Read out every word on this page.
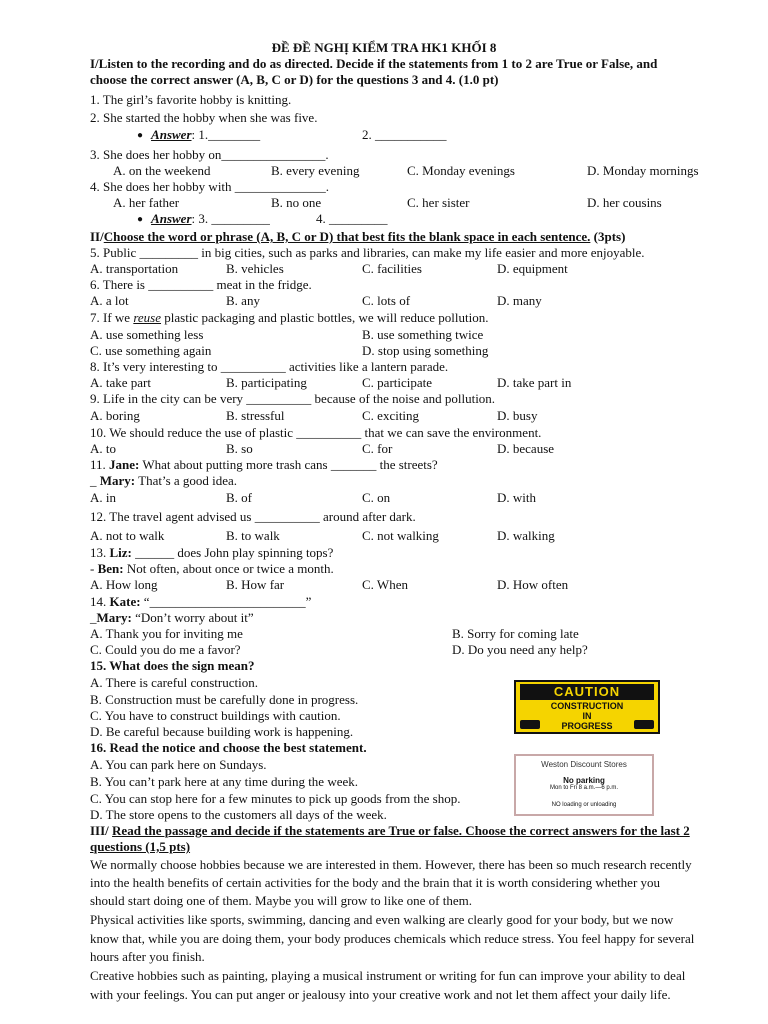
ĐỀ ĐỀ NGHỊ KIỂM TRA HK1 KHỐI 8
I/Listen to the recording and do as directed. Decide if the statements from 1 to 2 are True or False, and
choose the correct answer (A, B, C or D) for the questions 3 and 4. (1.0 pt)
1. The girl’s favorite hobby is knitting.
2. She started the hobby when she was five.
● Answer: 1.________	2. ___________
3. She does her hobby on________________.
A. on the weekend	B. every evening	C. Monday evenings	D. Monday mornings
4. She does her hobby with ______________.
A. her father	B. no one	C. her sister	D. her cousins
● Answer: 3. _________	4. _________
II/Choose the word or phrase (A, B, C or D) that best fits the blank space in each sentence. (3pts)
5. Public _________ in big cities, such as parks and libraries, can make my life easier and more enjoyable.
A. transportation	B. vehicles	C. facilities	D. equipment
6. There is __________ meat in the fridge.
A. a lot	B. any	C. lots of	D. many
7. If we reuse plastic packaging and plastic bottles, we will reduce pollution.
A. use something less	B. use something twice
C. use something again	D. stop using something
8. It’s very interesting to __________ activities like a lantern parade.
A. take part	B. participating	C. participate	D. take part in
9. Life in the city can be very __________ because of the noise and pollution.
A. boring	B. stressful	C. exciting	D. busy
10. We should reduce the use of plastic __________ that we can save the environment.
A. to	B. so	C. for	D. because
11. Jane: What about putting more trash cans _______ the streets?
_ Mary: That’s a good idea.
A. in	B. of	C. on	D. with
12. The travel agent advised us __________ around after dark.
A. not to walk	B. to walk	C. not walking	D. walking
13. Liz: ______ does John play spinning tops?
- Ben: Not often, about once or twice a month.
A. How long	B. How far	C. When	D. How often
14. Kate: “________________________”
_Mary: “Don’t worry about it”
A. Thank you for inviting me	B. Sorry for coming late
C. Could you do me a favor?	D. Do you need any help?
15. What does the sign mean?
A. There is careful construction.
B. Construction must be carefully done in progress.
C. You have to construct buildings with caution.
D. Be careful because building work is happening.
CAUTION
CONSTRUCTION
IN
PROGRESS
16. Read the notice and choose the best statement.
A. You can park here on Sundays.
B. You can’t park here at any time during the week.
C. You can stop here for a few minutes to pick up goods from the shop.
D. The store opens to the customers all days of the week.
Weston Discount Stores
No parking
Mon to Fri 8 a.m.—6 p.m.
NO loading or unloading
III/ Read the passage and decide if the statements are True or false. Choose the correct answers for the last 2
questions (1,5 pts)
We normally choose hobbies because we are interested in them. However, there has been so much research recently
into the health benefits of certain activities for the body and the brain that it is worth considering whether you
should start doing one of them. Maybe you will grow to like one of them.
Physical activities like sports, swimming, dancing and even walking are clearly good for your body, but we now
know that, while you are doing them, your body produces chemicals which reduce stress. You feel happy for several
hours after you finish.
Creative hobbies such as painting, playing a musical instrument or writing for fun can improve your ability to deal
with your feelings. You can put anger or jealousy into your creative work and not let them affect your daily life.
